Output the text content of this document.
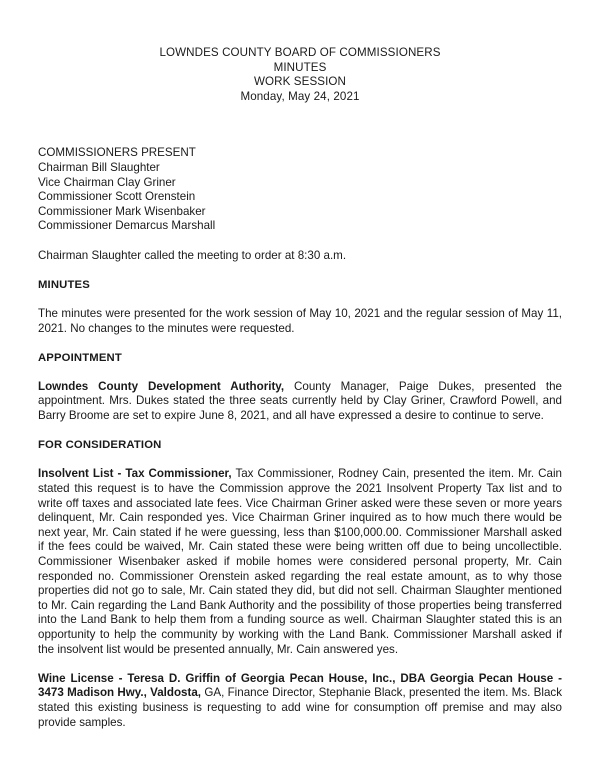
LOWNDES COUNTY BOARD OF COMMISSIONERS
MINUTES
WORK SESSION
Monday, May 24, 2021
COMMISSIONERS PRESENT
Chairman Bill Slaughter
Vice Chairman Clay Griner
Commissioner Scott Orenstein
Commissioner Mark Wisenbaker
Commissioner Demarcus Marshall
Chairman Slaughter called the meeting to order at 8:30 a.m.
MINUTES
The minutes were presented for the work session of May 10, 2021 and the regular session of May 11, 2021. No changes to the minutes were requested.
APPOINTMENT
Lowndes County Development Authority, County Manager, Paige Dukes, presented the appointment. Mrs. Dukes stated the three seats currently held by Clay Griner, Crawford Powell, and Barry Broome are set to expire June 8, 2021, and all have expressed a desire to continue to serve.
FOR CONSIDERATION
Insolvent List - Tax Commissioner, Tax Commissioner, Rodney Cain, presented the item. Mr. Cain stated this request is to have the Commission approve the 2021 Insolvent Property Tax list and to write off taxes and associated late fees. Vice Chairman Griner asked were these seven or more years delinquent, Mr. Cain responded yes. Vice Chairman Griner inquired as to how much there would be next year, Mr. Cain stated if he were guessing, less than $100,000.00. Commissioner Marshall asked if the fees could be waived, Mr. Cain stated these were being written off due to being uncollectible. Commissioner Wisenbaker asked if mobile homes were considered personal property, Mr. Cain responded no. Commissioner Orenstein asked regarding the real estate amount, as to why those properties did not go to sale, Mr. Cain stated they did, but did not sell. Chairman Slaughter mentioned to Mr. Cain regarding the Land Bank Authority and the possibility of those properties being transferred into the Land Bank to help them from a funding source as well. Chairman Slaughter stated this is an opportunity to help the community by working with the Land Bank. Commissioner Marshall asked if the insolvent list would be presented annually, Mr. Cain answered yes.
Wine License - Teresa D. Griffin of Georgia Pecan House, Inc., DBA Georgia Pecan House - 3473 Madison Hwy., Valdosta, GA, Finance Director, Stephanie Black, presented the item. Ms. Black stated this existing business is requesting to add wine for consumption off premise and may also provide samples.
